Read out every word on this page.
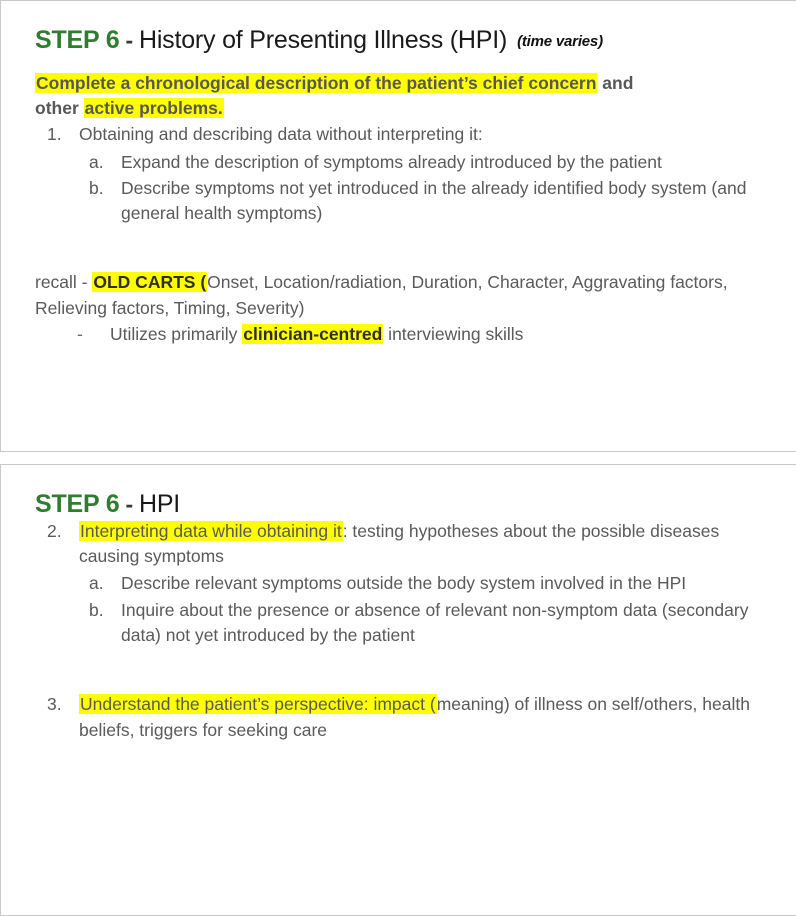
STEP 6 - History of Presenting Illness (HPI) (time varies)

Complete a chronological description of the patient’s chief concern and
other active problems.

1. Obtaining and describing data without interpreting it:
a. Expand the description of symptoms already introduced by the patient
b. Describe symptoms not yet introduced in the already identified body system (and general health symptoms)

recall - OLD CARTS (Onset, Location/radiation, Duration, Character, Aggravating factors, Relieving factors, Timing, Severity)

- Utilizes primarily clinician-centred interviewing skills
STEP 6 - HPI
2.	Interpreting data while obtaining it: testing hypotheses about the possible diseases causing symptoms
a. Describe relevant symptoms outside the body system involved in the HPI
b. Inquire about the presence or absence of relevant non-symptom data (secondary data) not yet introduced by the patient
3.	Understand the patient’s perspective: impact (meaning) of illness on self/others, health beliefs, triggers for seeking care
